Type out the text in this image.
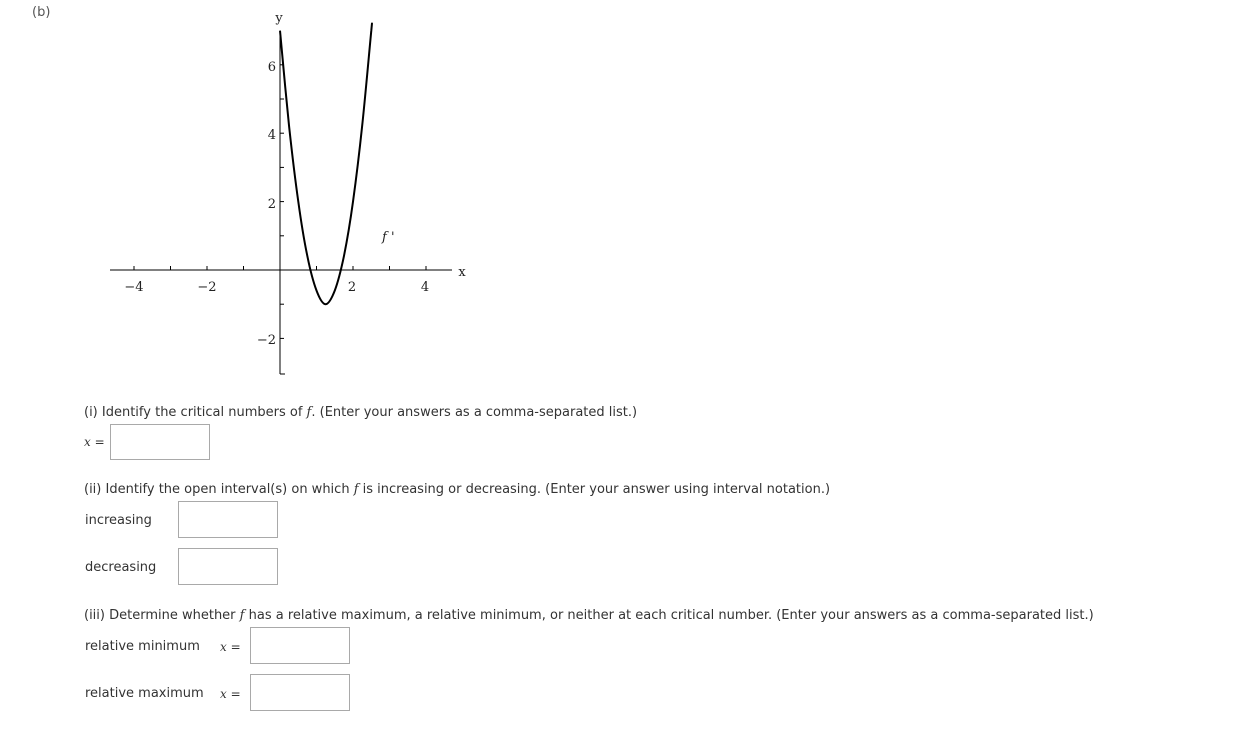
(b)	y
x
−4	−2	2	4
6
4
2
−2
f '
(i) Identify the critical numbers of f. (Enter your answers as a comma-separated list.)
x =
(ii) Identify the open interval(s) on which f is increasing or decreasing. (Enter your answer using interval notation.)
increasing
decreasing
(iii) Determine whether f has a relative maximum, a relative minimum, or neither at each critical number. (Enter your answers as a comma-separated list.)
relative minimum x =
relative maximum x =
